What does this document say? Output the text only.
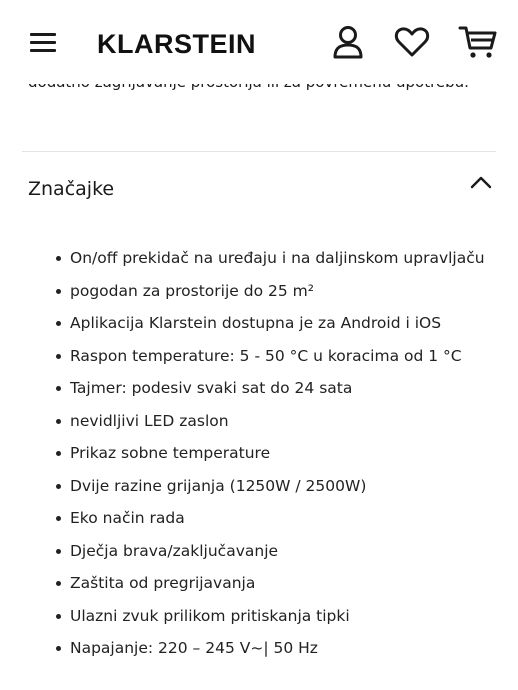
KLARSTEIN
Značajke
On/off prekidač na uređaju i na daljinskom upravljaču
pogodan za prostorije do 25 m²
Aplikacija Klarstein dostupna je za Android i iOS
Raspon temperature: 5 - 50 °C u koracima od 1 °C
Tajmer: podesiv svaki sat do 24 sata
nevidljivi LED zaslon
Prikaz sobne temperature
Dvije razine grijanja (1250W / 2500W)
Eko način rada
Dječja brava/zaključavanje
Zaštita od pregrijavanja
Ulazni zvuk prilikom pritiskanja tipki
Napajanje: 220 – 245 V~| 50 Hz
